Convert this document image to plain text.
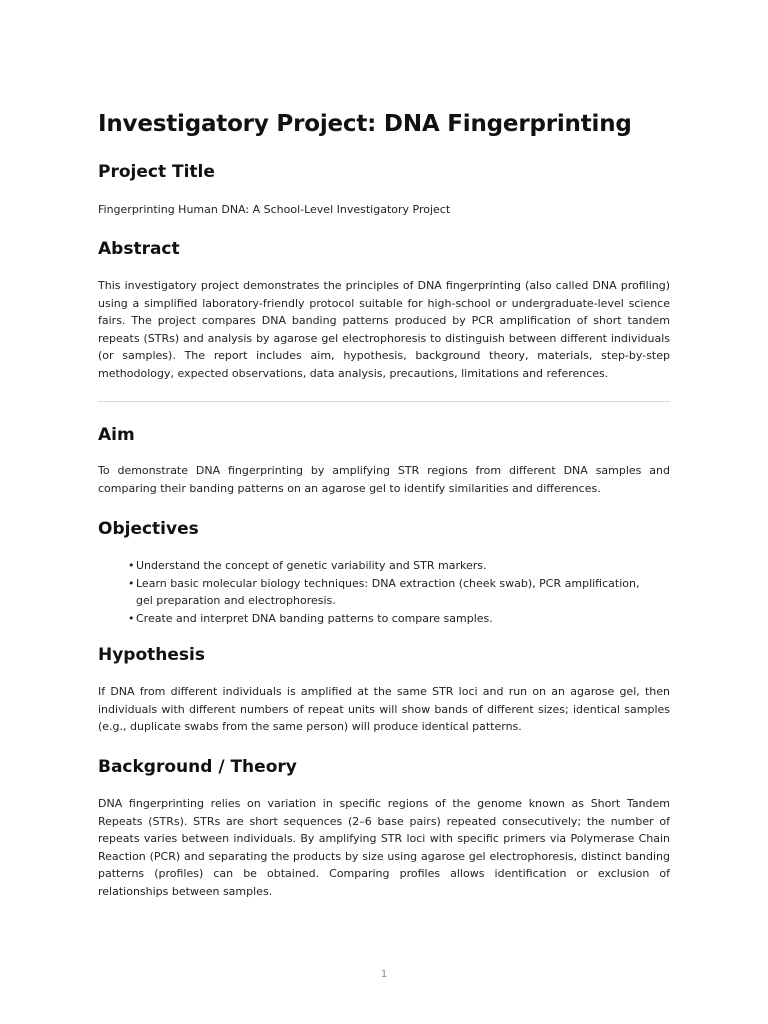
Investigatory Project: DNA Fingerprinting
Project Title

Fingerprinting Human DNA: A School-Level Investigatory Project

Abstract

This investigatory project demonstrates the principles of DNA fingerprinting (also called DNA profiling) using a simplified laboratory-friendly protocol suitable for high-school or undergraduate-level science fairs. The project compares DNA banding patterns produced by PCR amplification of short tandem repeats (STRs) and analysis by agarose gel electrophoresis to distinguish between different individuals (or samples). The report includes aim, hypothesis, background theory, materials, step-by-step methodology, expected observations, data analysis, precautions, limitations and references.

Aim

To demonstrate DNA fingerprinting by amplifying STR regions from different DNA samples and comparing their banding patterns on an agarose gel to identify similarities and differences.

Objectives
• Understand the concept of genetic variability and STR markers.
• Learn basic molecular biology techniques: DNA extraction (cheek swab), PCR amplification, gel preparation and electrophoresis.
• Create and interpret DNA banding patterns to compare samples.
Hypothesis

If DNA from different individuals is amplified at the same STR loci and run on an agarose gel, then individuals with different numbers of repeat units will show bands of different sizes; identical samples (e.g., duplicate swabs from the same person) will produce identical patterns.

Background / Theory

DNA fingerprinting relies on variation in specific regions of the genome known as Short Tandem Repeats (STRs). STRs are short sequences (2–6 base pairs) repeated consecutively; the number of repeats varies between individuals. By amplifying STR loci with specific primers via Polymerase Chain Reaction (PCR) and separating the products by size using agarose gel electrophoresis, distinct banding patterns (profiles) can be obtained. Comparing profiles allows identification or exclusion of relationships between samples.

1
